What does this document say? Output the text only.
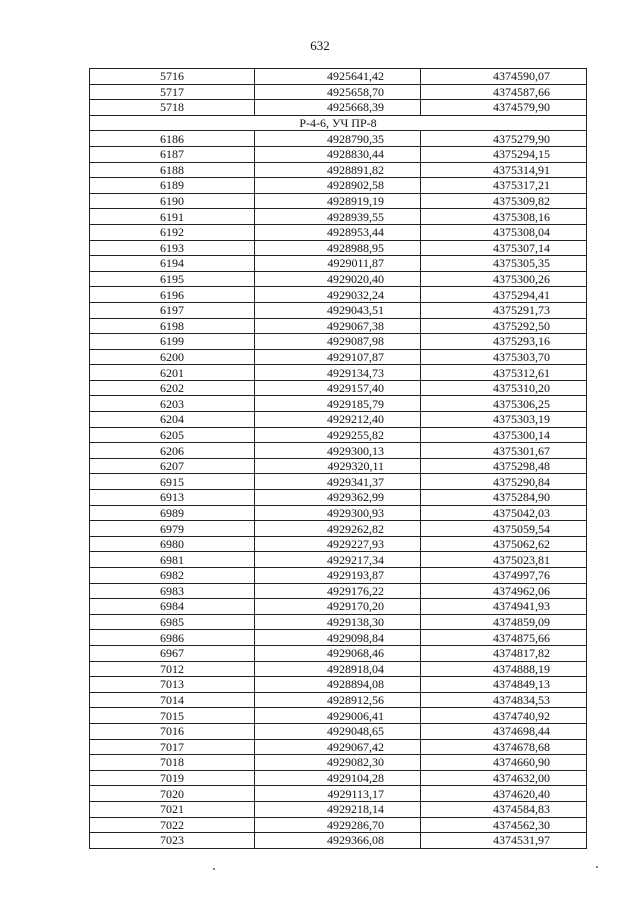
632
5716	4925641,42	4374590,07
5717	4925658,70	4374587,66
5718	4925668,39	4374579,90
Р-4-6, УЧ ПР-8		
6186	4928790,35	4375279,90
6187	4928830,44	4375294,15
6188	4928891,82	4375314,91
6189	4928902,58	4375317,21
6190	4928919,19	4375309,82
6191	4928939,55	4375308,16
6192	4928953,44	4375308,04
6193	4928988,95	4375307,14
6194	4929011,87	4375305,35
6195	4929020,40	4375300,26
6196	4929032,24	4375294,41
6197	4929043,51	4375291,73
6198	4929067,38	4375292,50
6199	4929087,98	4375293,16
6200	4929107,87	4375303,70
6201	4929134,73	4375312,61
6202	4929157,40	4375310,20
6203	4929185,79	4375306,25
6204	4929212,40	4375303,19
6205	4929255,82	4375300,14
6206	4929300,13	4375301,67
6207	4929320,11	4375298,48
6915	4929341,37	4375290,84
6913	4929362,99	4375284,90
6989	4929300,93	4375042,03
6979	4929262,82	4375059,54
6980	4929227,93	4375062,62
6981	4929217,34	4375023,81
6982	4929193,87	4374997,76
6983	4929176,22	4374962,06
6984	4929170,20	4374941,93
6985	4929138,30	4374859,09
6986	4929098,84	4374875,66
6967	4929068,46	4374817,82
7012	4928918,04	4374888,19
7013	4928894,08	4374849,13
7014	4928912,56	4374834,53
7015	4929006,41	4374740,92
7016	4929048,65	4374698,44
7017	4929067,42	4374678,68
7018	4929082,30	4374660,90
7019	4929104,28	4374632,00
7020	4929113,17	4374620,40
7021	4929218,14	4374584,83
7022	4929286,70	4374562,30
7023	4929366,08	4374531,97
